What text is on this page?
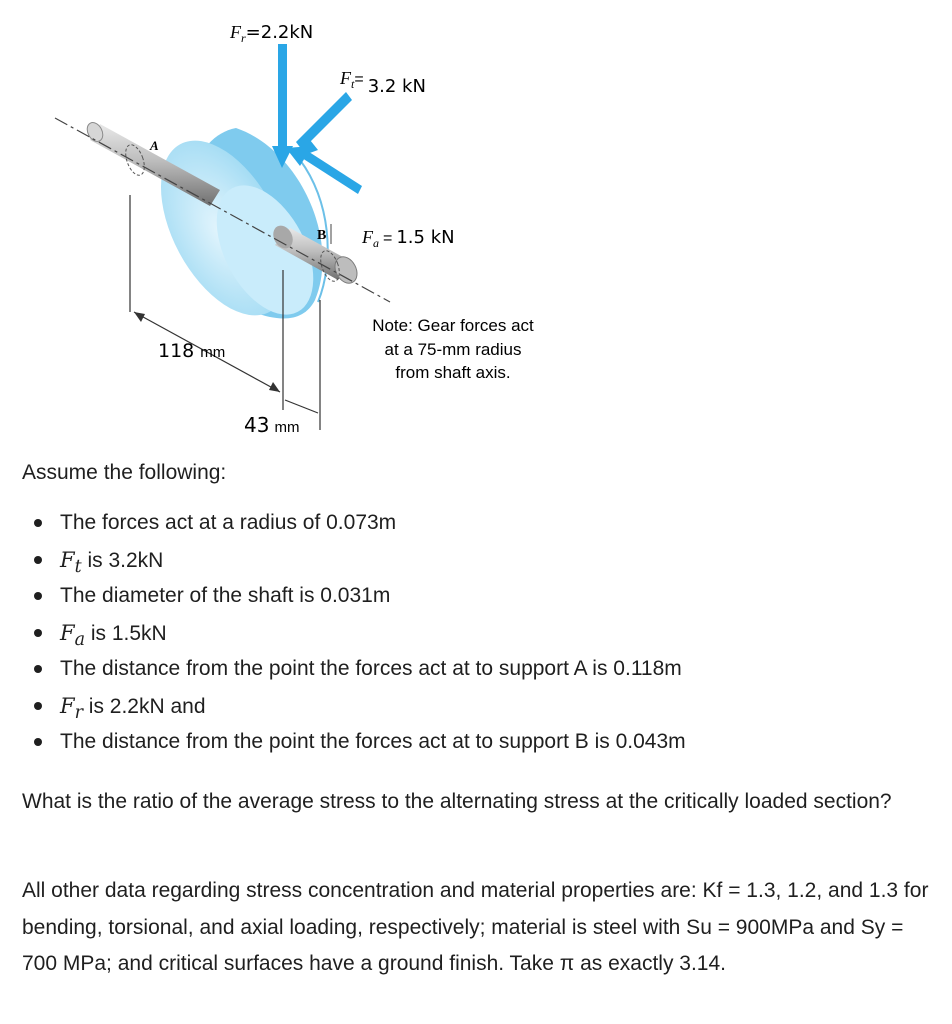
$F_r=2.2kN$
$F_t= 3.2$ kN
A
B $F_a = 1.5$ kN
118 mm
43 mm
Note: Gear forces act
at a 75-mm radius
from shaft axis.
Assume the following:
The forces act at a radius of 0.073m
$F_t$ is 3.2kN
The diameter of the shaft is 0.031m
$F_a$ is 1.5kN
The distance from the point the forces act at to support A is 0.118m
$F_r$ is 2.2kN and
The distance from the point the forces act at to support B is 0.043m

What is the ratio of the average stress to the alternating stress at the critically loaded section?

All other data regarding stress concentration and material properties are: Kf = 1.3, 1.2, and 1.3 for bending, torsional, and axial loading, respectively; material is steel with Su = 900MPa and Sy = 700 MPa; and critical surfaces have a ground finish. Take π as exactly 3.14.
